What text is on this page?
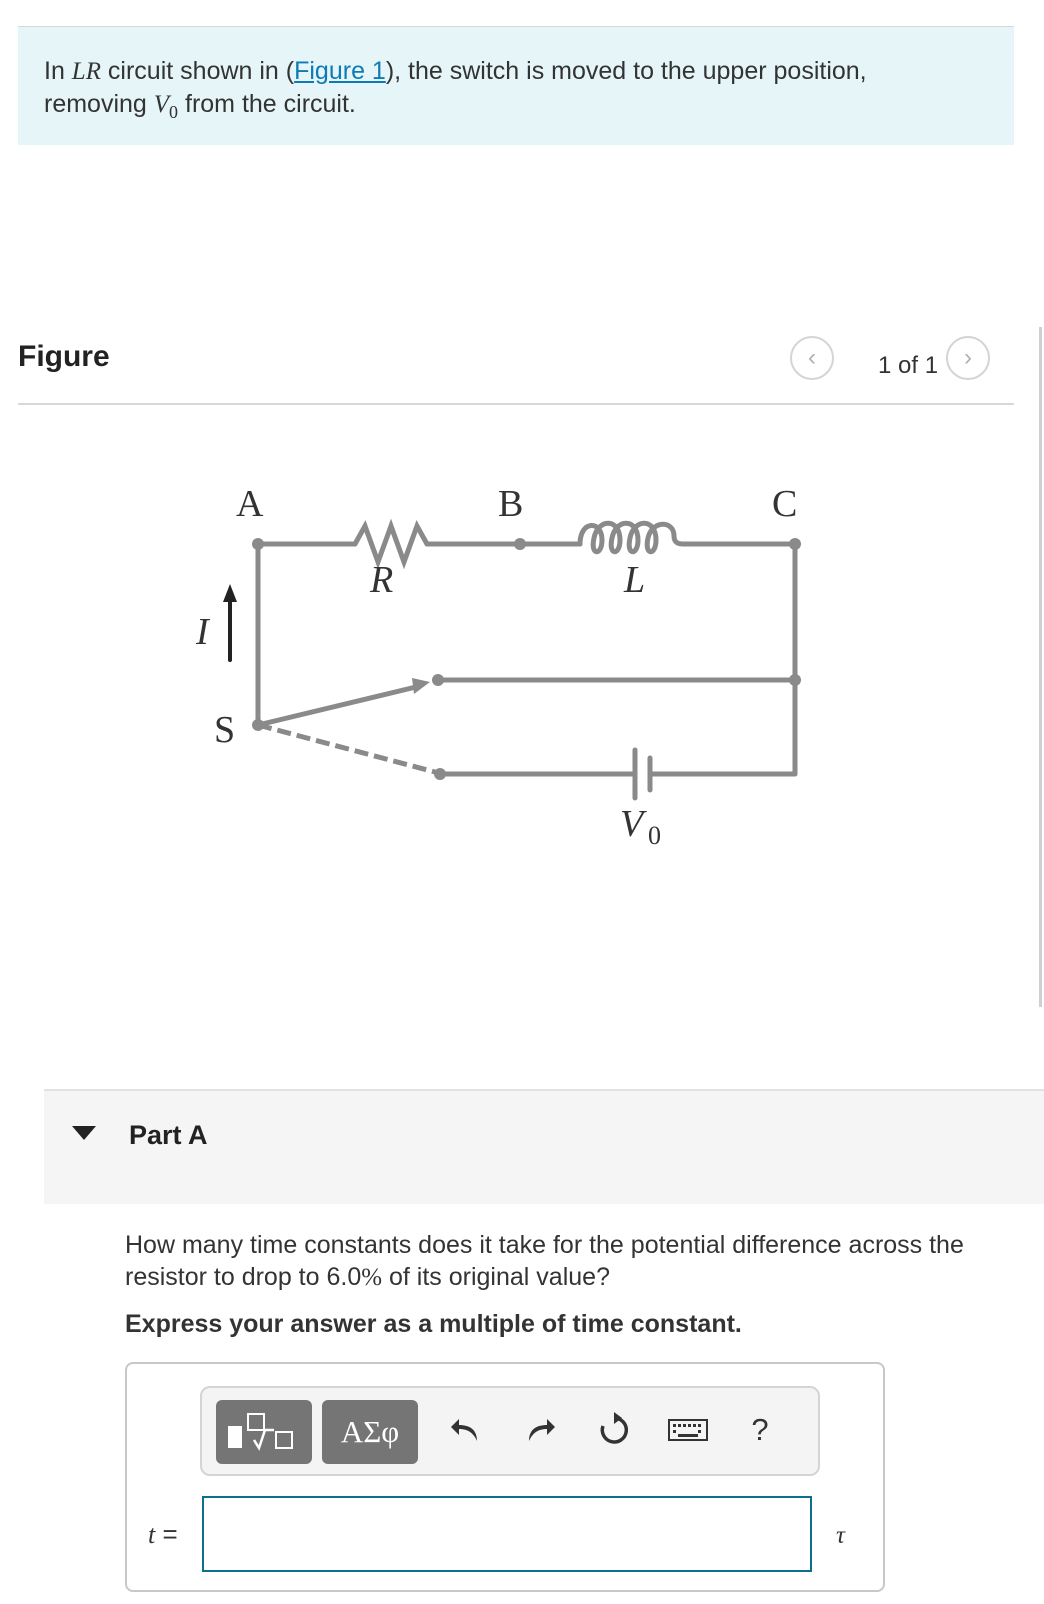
In LR circuit shown in (Figure 1), the switch is moved to the upper position, removing $V_0$ from the circuit.

Figure	‹	1 of 1 ›
A	B	C
R	L
I
S
V 0
Part A

How many time constants does it take for the potential difference across the resistor to drop to 6.0% of its original value?

Express your answer as a multiple of time constant.

ΑΣφ	?
t =	τ
